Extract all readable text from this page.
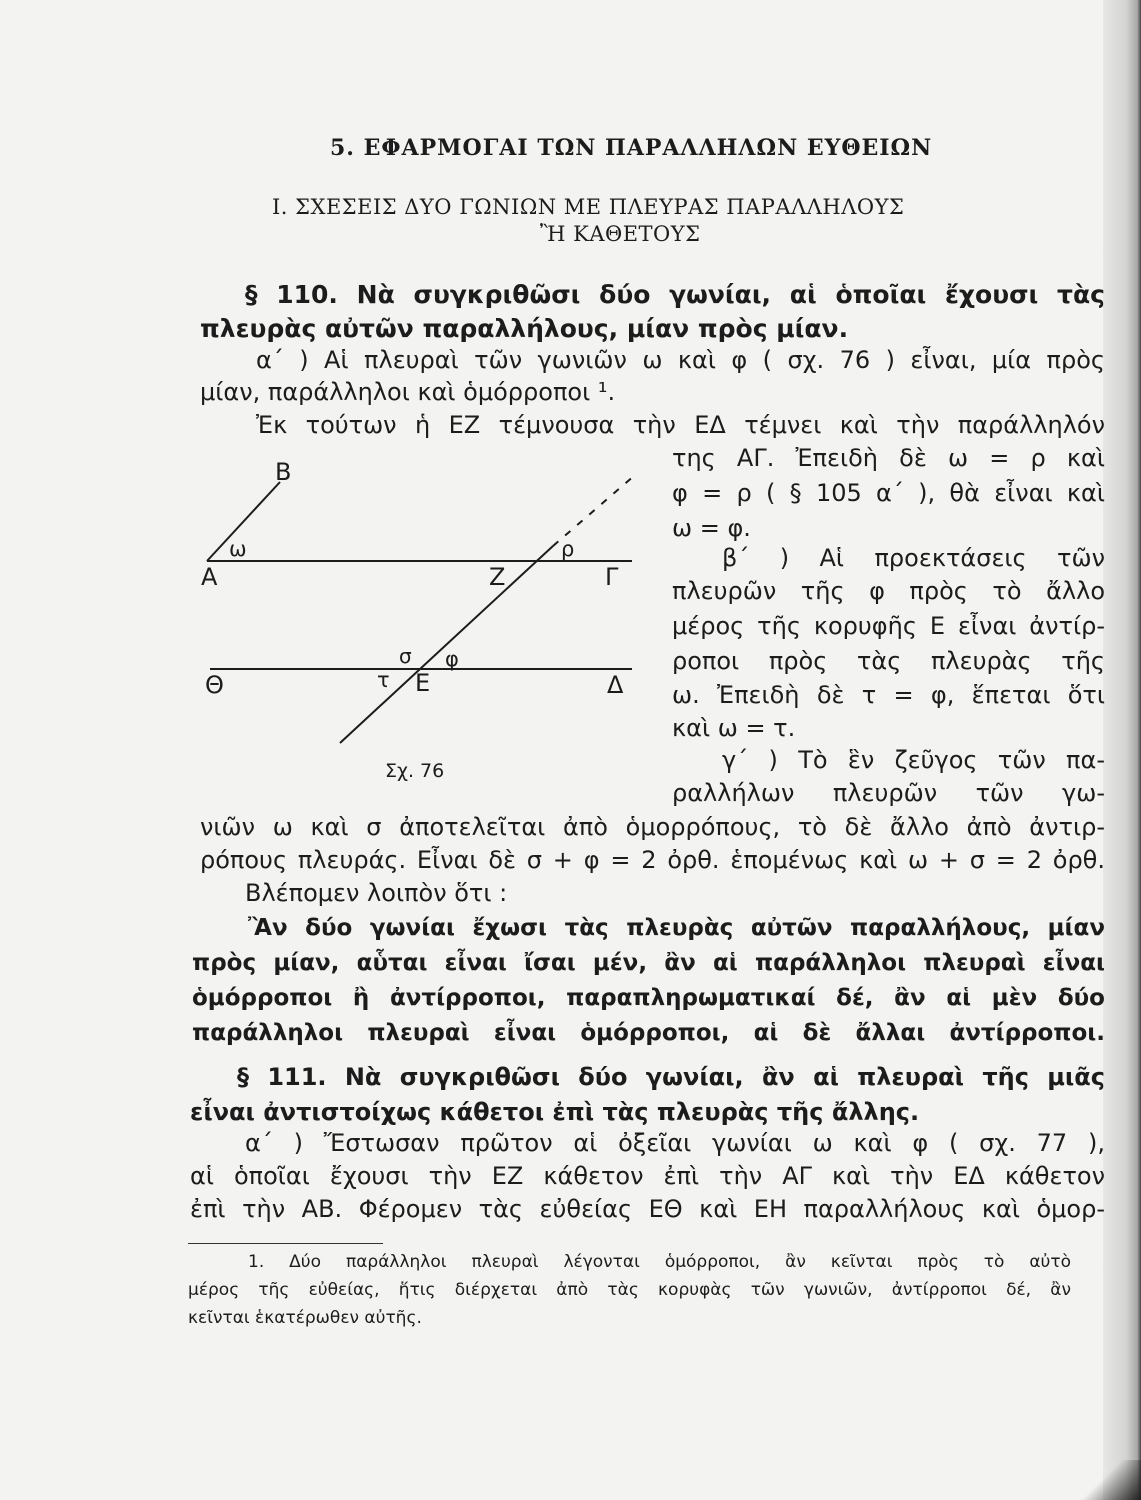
5. ΕΦΑΡΜΟΓΑΙ ΤΩΝ ΠΑΡΑΛΛΗΛΩΝ ΕΥΘΕΙΩΝ
Ι. ΣΧΕΣΕΙΣ ΔΥΟ ΓΩΝΙΩΝ ΜΕ ΠΛΕΥΡΑΣ ΠΑΡΑΛΛΗΛΟΥΣ
Ἢ ΚΑΘΕΤΟΥΣ
§ 110. Νὰ συγκριθῶσι δύο γωνίαι, αἱ ὁποῖαι ἔχουσι τὰς
πλευρὰς αὐτῶν παραλλήλους, μίαν πρὸς μίαν.
α΄ ) Αἱ πλευραὶ τῶν γωνιῶν ω καὶ φ ( σχ. 76 ) εἶναι, μία πρὸς
μίαν, παράλληλοι καὶ ὁμόρροποι ¹.
Ἐκ τούτων ἡ ΕΖ τέμνουσα τὴν ΕΔ τέμνει καὶ τὴν παράλληλόν
της ΑΓ. Ἐπειδὴ δὲ ω = ρ καὶ
φ = ρ ( § 105 α΄ ), θὰ εἶναι καὶ
ω = φ.
β΄ ) Αἱ προεκτάσεις τῶν
πλευρῶν τῆς φ πρὸς τὸ ἄλλο
μέρος τῆς κορυφῆς Ε εἶναι ἀντίρ-
ροποι πρὸς τὰς πλευρὰς τῆς
ω. Ἐπειδὴ δὲ τ = φ, ἕπεται ὅτι
καὶ ω = τ.
γ΄ ) Τὸ ἓν ζεῦγος τῶν πα-
ραλλήλων πλευρῶν τῶν γω-
Β
ω
Α
ρ
Ζ	Γ
σ φ
Θ	τ Ε	Δ
Σχ. 76
νιῶν ω καὶ σ ἀποτελεῖται ἀπὸ ὁμορρόπους, τὸ δὲ ἄλλο ἀπὸ ἀντιρ-
ρόπους πλευράς. Εἶναι δὲ σ + φ = 2 ὀρθ. ἑπομένως καὶ ω + σ = 2 ὀρθ.
Βλέπομεν λοιπὸν ὅτι :
Ἂν δύο γωνίαι ἔχωσι τὰς πλευρὰς αὐτῶν παραλλήλους, μίαν
πρὸς μίαν, αὗται εἶναι ἴσαι μέν, ἂν αἱ παράλληλοι πλευραὶ εἶναι
ὁμόρροποι ἢ ἀντίρροποι, παραπληρωματικαί δέ, ἂν αἱ μὲν δύο
παράλληλοι πλευραὶ εἶναι ὁμόρροποι, αἱ δὲ ἄλλαι ἀντίρροποι.
§ 111. Νὰ συγκριθῶσι δύο γωνίαι, ἂν αἱ πλευραὶ τῆς μιᾶς
εἶναι ἀντιστοίχως κάθετοι ἐπὶ τὰς πλευρὰς τῆς ἄλλης.
α΄ ) Ἔστωσαν πρῶτον αἱ ὀξεῖαι γωνίαι ω καὶ φ ( σχ. 77 ),
αἱ ὁποῖαι ἔχουσι τὴν ΕΖ κάθετον ἐπὶ τὴν ΑΓ καὶ τὴν ΕΔ κάθετον
ἐπὶ τὴν ΑΒ. Φέρομεν τὰς εὐθείας ΕΘ καὶ ΕΗ παραλλήλους καὶ ὁμορ-
1. Δύο παράλληλοι πλευραὶ λέγονται ὁμόρροποι, ἂν κεῖνται πρὸς τὸ αὐτὸ
μέρος τῆς εὐθείας, ἥτις διέρχεται ἀπὸ τὰς κορυφὰς τῶν γωνιῶν, ἀντίρροποι δέ, ἂν
κεῖνται ἑκατέρωθεν αὐτῆς.
